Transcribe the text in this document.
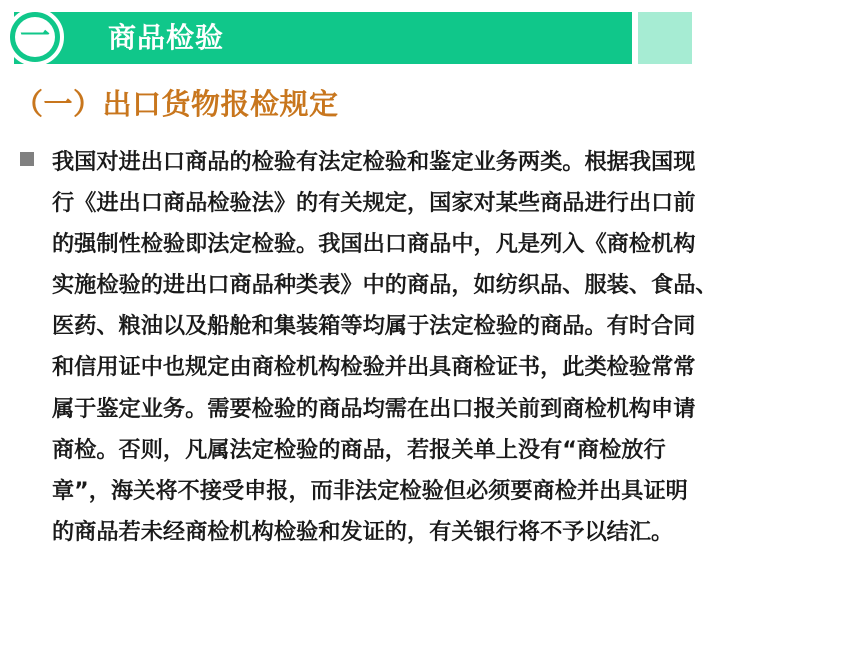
一 商品检验
（一）出口货物报检规定
我国对进出口商品的检验有法定检验和鉴定业务两类。根据我国现
行《进出口商品检验法》的有关规定，国家对某些商品进行出口前
的强制性检验即法定检验。我国出口商品中，凡是列入《商检机构
实施检验的进出口商品种类表》中的商品，如纺织品、服装、食品、
医药、粮油以及船舱和集装箱等均属于法定检验的商品。有时合同
和信用证中也规定由商检机构检验并出具商检证书，此类检验常常
属于鉴定业务。需要检验的商品均需在出口报关前到商检机构申请
商检。否则，凡属法定检验的商品，若报关单上没有“商检放行
章”，海关将不接受申报，而非法定检验但必须要商检并出具证明
的商品若未经商检机构检验和发证的，有关银行将不予以结汇。
